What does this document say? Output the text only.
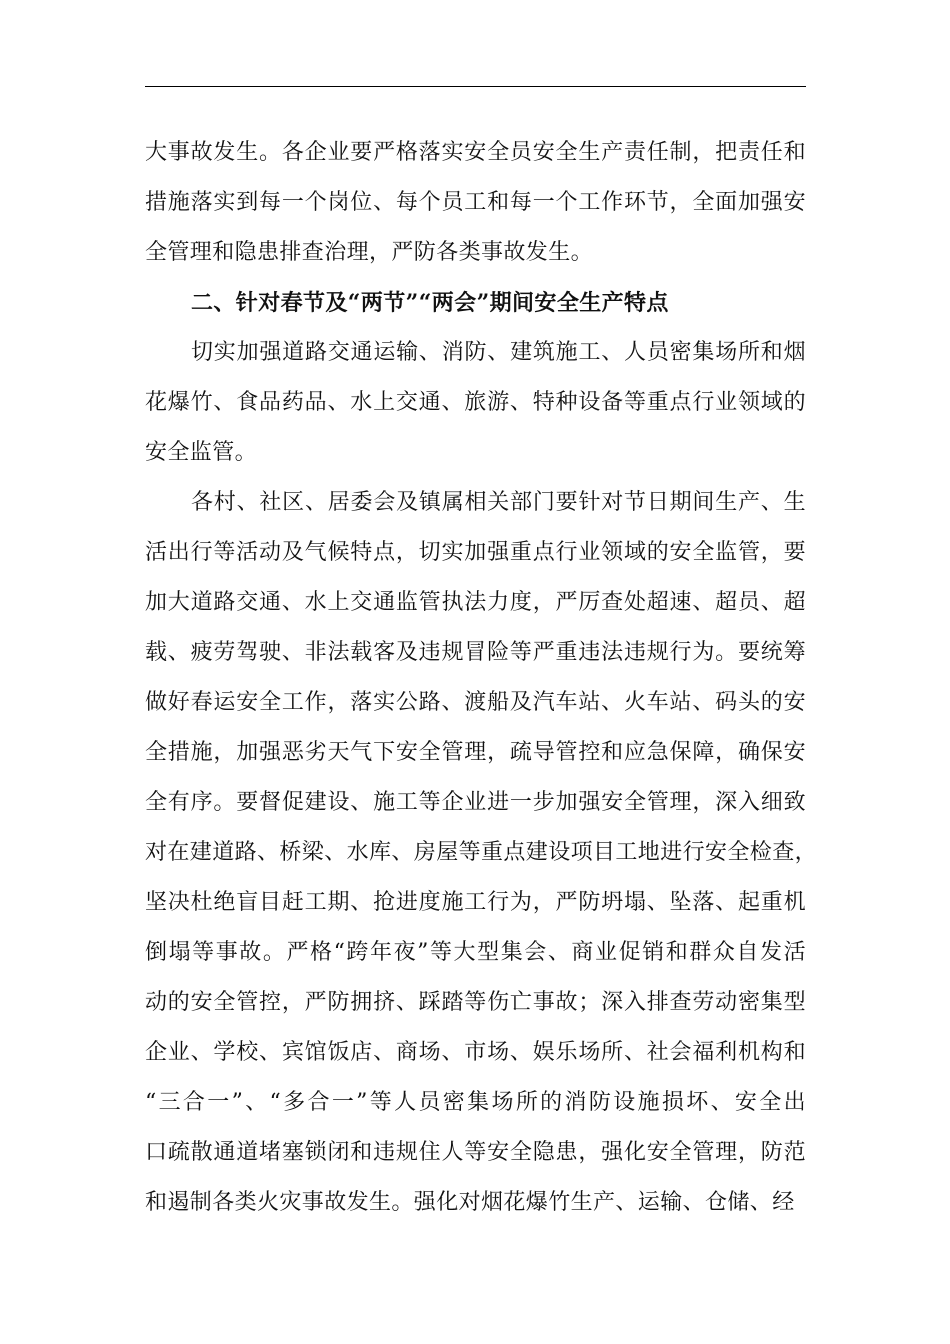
大事故发生。各企业要严格落实安全员安全生产责任制，把责任和
措施落实到每一个岗位、每个员工和每一个工作环节，全面加强安
全管理和隐患排查治理，严防各类事故发生。
二、针对春节及“两节”“两会”期间安全生产特点
切实加强道路交通运输、消防、建筑施工、人员密集场所和烟
花爆竹、食品药品、水上交通、旅游、特种设备等重点行业领域的
安全监管。
各村、社区、居委会及镇属相关部门要针对节日期间生产、生
活出行等活动及气候特点，切实加强重点行业领域的安全监管，要
加大道路交通、水上交通监管执法力度，严厉查处超速、超员、超
载、疲劳驾驶、非法载客及违规冒险等严重违法违规行为。要统筹
做好春运安全工作，落实公路、渡船及汽车站、火车站、码头的安
全措施，加强恶劣天气下安全管理，疏导管控和应急保障，确保安
全有序。要督促建设、施工等企业进一步加强安全管理，深入细致
对在建道路、桥梁、水库、房屋等重点建设项目工地进行安全检查，
坚决杜绝盲目赶工期、抢进度施工行为，严防坍塌、坠落、起重机
倒塌等事故。严格“跨年夜”等大型集会、商业促销和群众自发活
动的安全管控，严防拥挤、踩踏等伤亡事故；深入排查劳动密集型
企业、学校、宾馆饭店、商场、市场、娱乐场所、社会福利机构和
“三合一”、“多合一”等人员密集场所的消防设施损坏、安全出
口疏散通道堵塞锁闭和违规住人等安全隐患，强化安全管理，防范
和遏制各类火灾事故发生。强化对烟花爆竹生产、运输、仓储、经
